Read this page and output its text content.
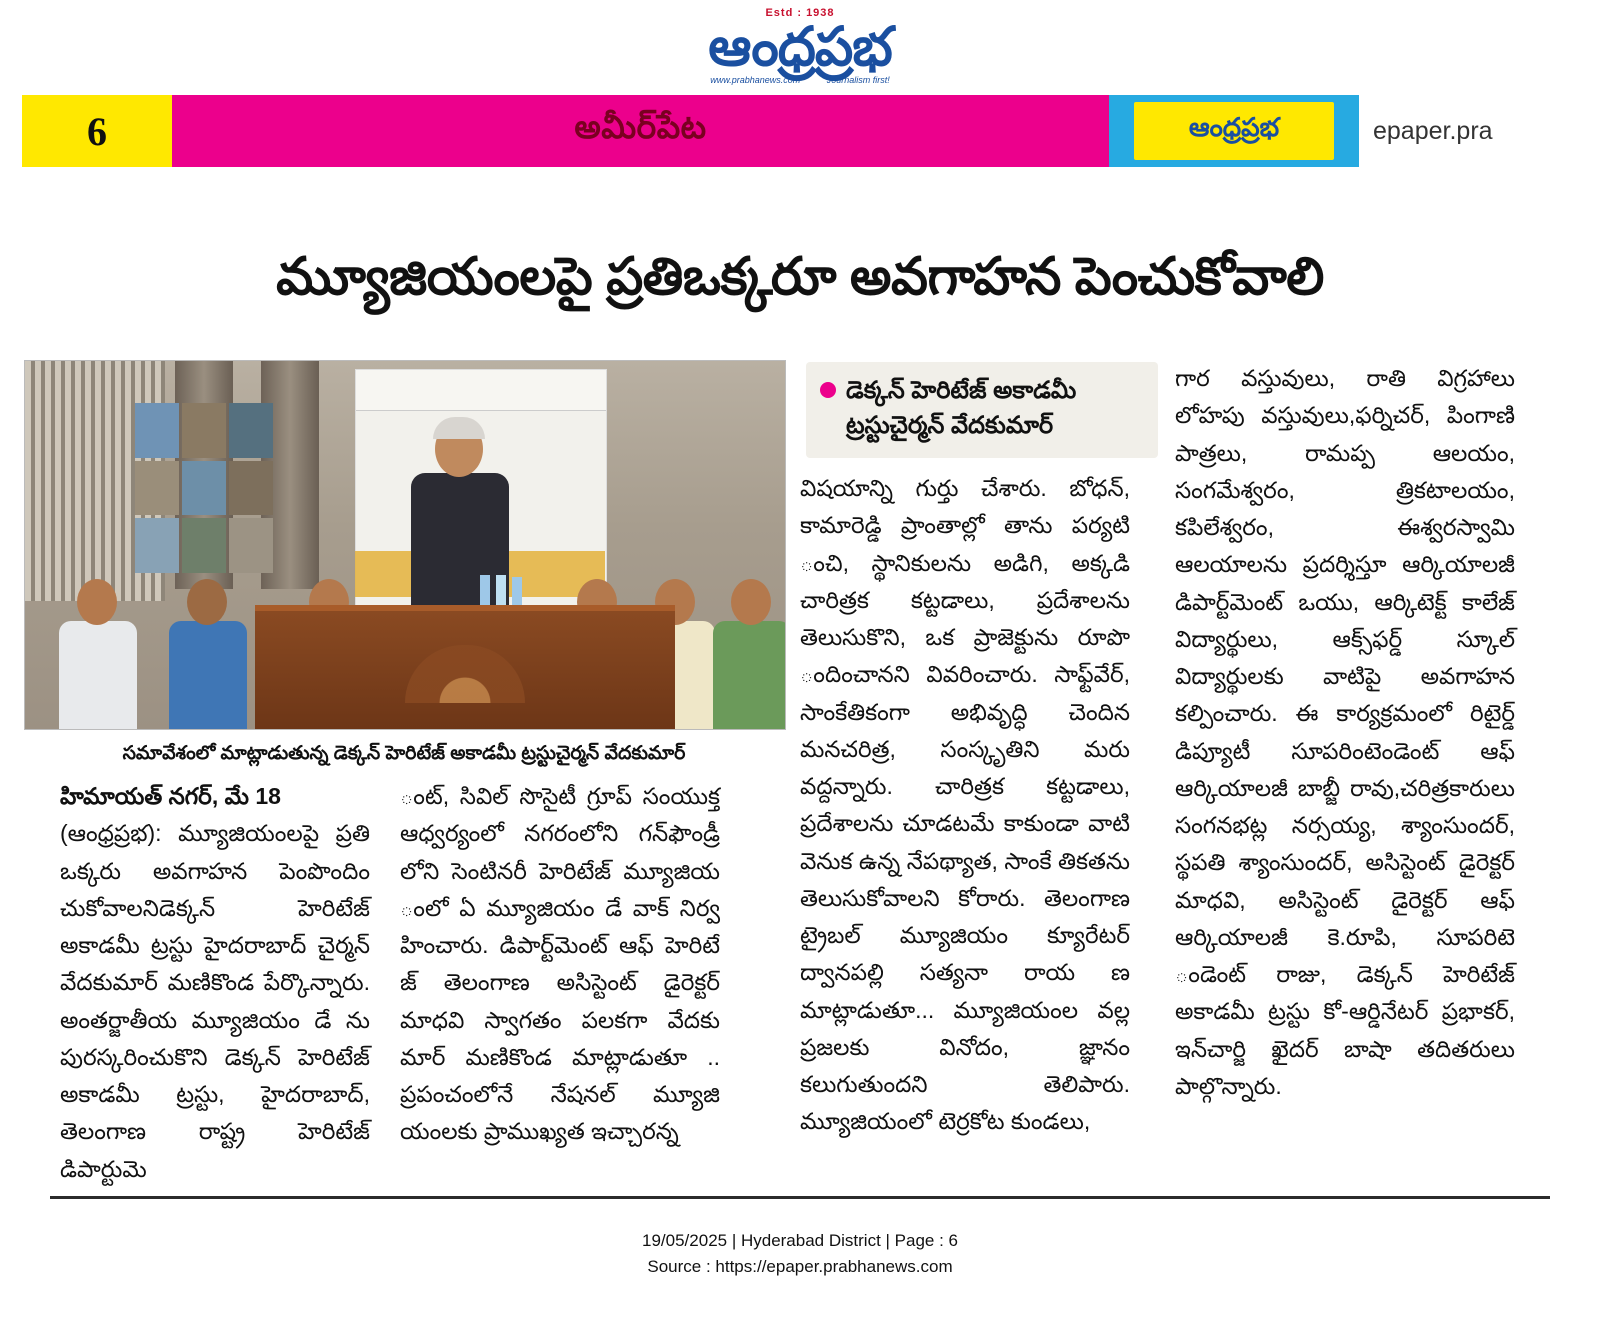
Estd : 1938
ఆంధ్రప్రభ
www.prabhanews.com	Journalism first!
6	అమీర్‌పేట	ఆంధ్రప్రభ	epaper.pra
మ్యూజియంలపై ప్రతిఒక్కరూ అవగాహన పెంచుకోవాలి
సమావేశంలో మాట్లాడుతున్న డెక్కన్ హెరిటేజ్ అకాడమీ ట్రస్టుచైర్మన్ వేదకుమార్
డెక్కన్ హెరిటేజ్ అకాడమీ ట్రస్టుచైర్మన్ వేదకుమార్

హిమాయత్ నగర్, మే 18

(ఆంధ్రప్రభ): మ్యూజియంలపై ప్రతి ఒక్కరు అవగాహన పెంపొందిం చుకోవాలనిడెక్కన్ హెరిటేజ్ అకాడమీ ట్రస్టు హైదరాబాద్ చైర్మన్ వేదకుమార్ మణికొండ పేర్కొన్నారు. అంతర్జాతీయ మ్యూజియం డే ను పురస్కరించుకొని డెక్కన్ హెరిటేజ్ అకాడమీ ట్రస్టు, హైదరాబాద్, తెలంగాణ రాష్ట్ర హెరిటేజ్ డిపార్టుమె

ంట్, సివిల్ సొసైటీ గ్రూప్ సంయుక్త ఆధ్వర్యంలో నగరంలోని గన్‌ఫౌండ్రీ లోని సెంటినరీ హెరిటేజ్ మ్యూజియ ంలో ఏ మ్యూజియం డే వాక్ నిర్వ హించారు. డిపార్ట్‌మెంట్ ఆఫ్ హెరిటే జ్ తెలంగాణ అసిస్టెంట్ డైరెక్టర్ మాధవి స్వాగతం పలకగా వేదకు మార్ మణికొండ మాట్లాడుతూ .. ప్రపంచంలోనే నేషనల్ మ్యూజి యంలకు ప్రాముఖ్యత ఇచ్చారన్న

విషయాన్ని గుర్తు చేశారు. బోధన్, కామారెడ్డి ప్రాంతాల్లో తాను పర్యటి ంచి, స్థానికులను అడిగి, అక్కడి చారిత్రక కట్టడాలు, ప్రదేశాలను తెలుసుకొని, ఒక ప్రాజెక్టును రూపొ ందించానని వివరించారు. సాఫ్ట్‌వేర్, సాంకేతికంగా అభివృద్ధి చెందిన మనచరిత్ర, సంస్కృతిని మరు వద్దన్నారు. చారిత్రక కట్టడాలు, ప్రదేశాలను చూడటమే కాకుండా వాటి వెనుక ఉన్న నేపథ్యాత, సాంకే తికతను తెలుసుకోవాలని కోరారు. తెలంగాణ ట్రైబల్ మ్యూజియం క్యూరేటర్ ద్వానపల్లి సత్యనా రాయ ణ మాట్లాడుతూ... మ్యూజియంల వల్ల ప్రజలకు వినోదం, జ్ఞానం కలుగుతుందని తెలిపారు. మ్యూజియంలో టెర్రకోట కుండలు,

గార వస్తువులు, రాతి విగ్రహాలు లోహపు వస్తువులు,ఫర్నిచర్, పింగాణి పాత్రలు, రామప్ప ఆలయం, సంగమేశ్వరం, త్రికటాలయం, కపిలేశ్వరం, ఈశ్వరస్వామి ఆలయాలను ప్రదర్శిస్తూ ఆర్కియాలజీ డిపార్ట్‌మెంట్ ఒయు, ఆర్కిటెక్ట్ కాలేజ్ విద్యార్థులు, ఆక్స్‌ఫర్డ్ స్కూల్ విద్యార్థులకు వాటిపై అవగాహన కల్పించారు. ఈ కార్యక్రమంలో రిటైర్డ్ డిప్యూటీ సూపరింటెండెంట్ ఆఫ్ ఆర్కియాలజీ బాబ్జీ రావు,చరిత్రకారులు సంగనభట్ల నర్సయ్య, శ్యాంసుందర్, స్థపతి శ్యాంసుందర్, అసిస్టెంట్ డైరెక్టర్ మాధవి, అసిస్టెంట్ డైరెక్టర్ ఆఫ్ ఆర్కియాలజీ కె.రూపి, సూపరిటె ండెంట్ రాజు, డెక్కన్ హెరిటేజ్ అకాడమీ ట్రస్టు కో-ఆర్డినేటర్ ప్రభాకర్, ఇన్‌చార్జి ఖైదర్ బాషా తదితరులు పాల్గొన్నారు.

19/05/2025 | Hyderabad District | Page : 6
Source : https://epaper.prabhanews.com
